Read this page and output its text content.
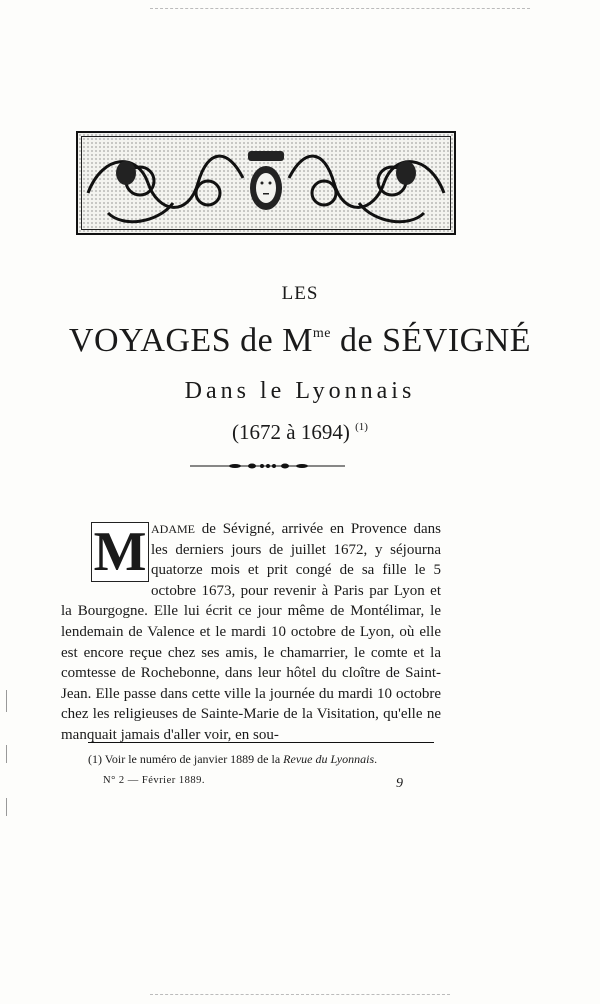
LES
VOYAGES de $M^{me}$ de SÉVIGNÉ
Dans le Lyonnais
(1672 à 1694) $^{(1)}$
M ADAME de Sévigné, arrivée en Provence dans les derniers jours de juillet 1672, y séjourna quatorze mois et prit congé de sa fille le 5 octobre 1673, pour revenir à Paris par Lyon et la Bourgogne. Elle lui écrit ce jour même de Montélimar, le lendemain de Valence et le mardi 10 octobre de Lyon, où elle est encore reçue chez ses amis, le chamarrier, le comte et la comtesse de Rochebonne, dans leur hôtel du cloître de Saint-Jean. Elle passe dans cette ville la journée du mardi 10 octobre chez les religieuses de Sainte-Marie de la Visitation, qu'elle ne manquait jamais d'aller voir, en sou-
(1) Voir le numéro de janvier 1889 de la Revue du Lyonnais.
N° 2 — Février 1889.	9
